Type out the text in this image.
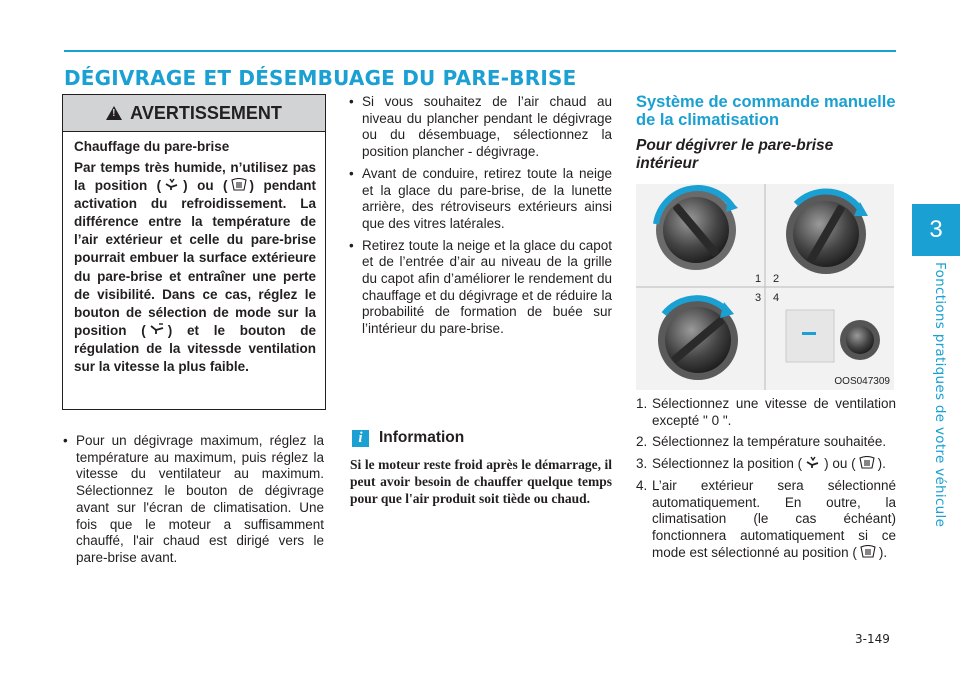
3
Fonctions pratiques de votre véhicule
DÉGIVRAGE ET DÉSEMBUAGE DU PARE-BRISE
!
AVERTISSEMENT
Chauffage du pare-brise
Par temps très humide, n’utilisez pas la position ( ) ou ( ) pendant activation du refroidissement. La différence entre la température de l’air extérieur et celle du pare-brise pourrait embuer la surface extérieure du pare-brise et entraîner une perte de visibilité. Dans ce cas, réglez le bouton de sélection de mode sur la position ( ) et le bouton de régulation de la vitessde ventilation sur la vitesse la plus faible.
• Pour un dégivrage maximum, réglez la température au maximum, puis réglez la vitesse du ventilateur au maximum. Sélectionnez le bouton de dégivrage avant sur l'écran de climatisation. Une fois que le moteur a suffisamment chauffé, l'air chaud est dirigé vers le pare-brise avant.
• Si vous souhaitez de l’air chaud au niveau du plancher pendant le dégivrage ou du désembuage, sélectionnez la position plancher - dégivrage.
• Avant de conduire, retirez toute la neige et la glace du pare-brise, de la lunette arrière, des rétroviseurs extérieurs ainsi que des vitres latérales.
• Retirez toute la neige et la glace du capot et de l’entrée d’air au niveau de la grille du capot afin d’améliorer le rendement du chauffage et du dégivrage et de réduire la probabilité de formation de buée sur l’intérieur du pare-brise.
i	Information
Si le moteur reste froid après le démarrage, il peut avoir besoin de chauffer quelque temps pour que l'air produit soit tiède ou chaud.
Système de commande manuelle de la climatisation
Pour dégivrer le pare-brise intérieur
1 2
3 4
OOS047309
1. Sélectionnez une vitesse de ventilation excepté " 0 ".
2. Sélectionnez la température souhaitée.
3. Sélectionnez la position ( ) ou ( ).
4. L’air extérieur sera sélectionné automatiquement. En outre, la climatisation (le cas échéant) fonctionnera automatiquement si ce mode est sélectionné au position ( ).
3-149
